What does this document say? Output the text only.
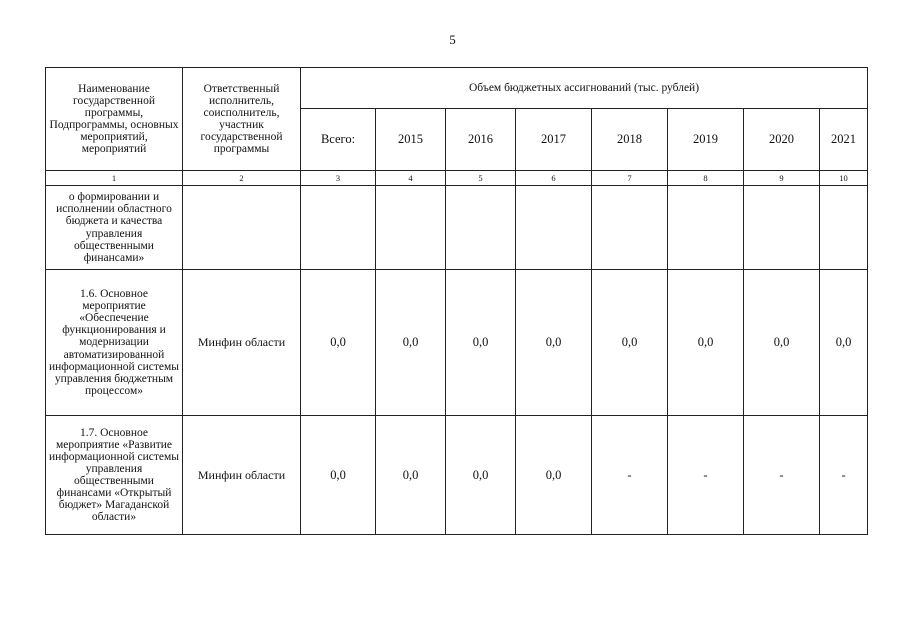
5
Наименование государственной программы, Подпрограммы, основных мероприятий, мероприятий	Ответственный исполнитель, соисполнитель, участник государственной программы	Объем бюджетных ассигнований (тыс. рублей)							
		Всего:	2015	2016	2017	2018	2019	2020	2021
1	2	3	4	5	6	7	8	9	10
о формировании и исполнении областного бюджета и качества управления общественными финансами»									
1.6. Основное мероприятие «Обеспечение функционирования и модернизации автоматизированной информационной системы управления бюджетным процессом»	Минфин области	0,0	0,0	0,0	0,0	0,0	0,0	0,0	0,0
1.7. Основное мероприятие «Развитие информационной системы управления общественными финансами «Открытый бюджет» Магаданской области»	Минфин области	0,0	0,0	0,0	0,0	-	-	-	-
